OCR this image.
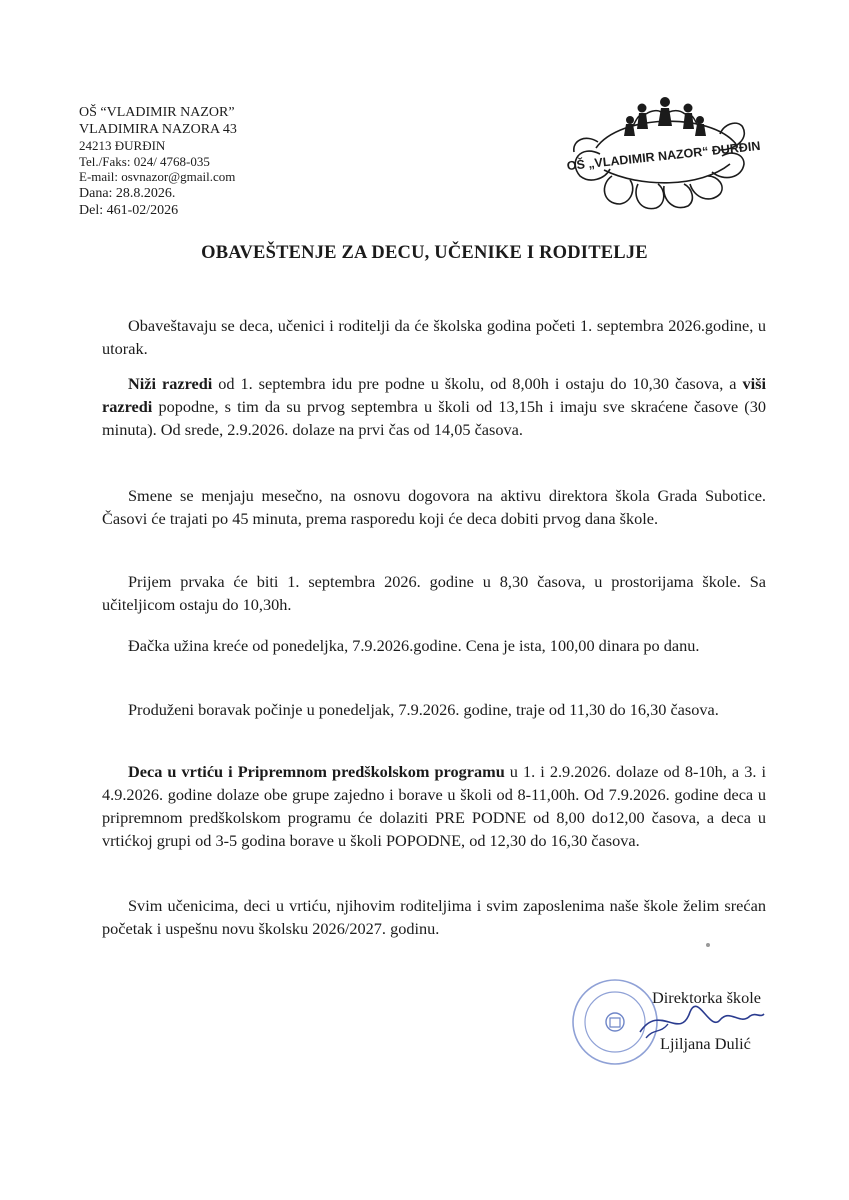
OŠ “VLADIMIR NAZOR”
VLADIMIRA NAZORA 43
24213 ĐURĐIN
Tel./Faks: 024/ 4768-035
E-mail: osvnazor@gmail.com
Dana: 28.8.2026.
Del: 461-02/2026
OŠ „VLADIMIR NAZOR“ ĐURĐIN
OBAVEŠTENJE ZA DECU, UČENIKE I RODITELJE

Obaveštavaju se deca, učenici i roditelji da će školska godina početi 1. septembra 2026.godine, u utorak.

Niži razredi od 1. septembra idu pre podne u školu, od 8,00h i ostaju do 10,30 časova, a viši razredi popodne, s tim da su prvog septembra u školi od 13,15h i imaju sve skraćene časove (30 minuta). Od srede, 2.9.2026. dolaze na prvi čas od 14,05 časova.

Smene se menjaju mesečno, na osnovu dogovora na aktivu direktora škola Grada Subotice. Časovi će trajati po 45 minuta, prema rasporedu koji će deca dobiti prvog dana škole.

Prijem prvaka će biti 1. septembra 2026. godine u 8,30 časova, u prostorijama škole. Sa učiteljicom ostaju do 10,30h.

Đačka užina kreće od ponedeljka, 7.9.2026.godine. Cena je ista, 100,00 dinara po danu.

Produženi boravak počinje u ponedeljak, 7.9.2026. godine, traje od 11,30 do 16,30 časova.

Deca u vrtiću i Pripremnom predškolskom programu u 1. i 2.9.2026. dolaze od 8-10h, a 3. i 4.9.2026. godine dolaze obe grupe zajedno i borave u školi od 8-11,00h. Od 7.9.2026. godine deca u pripremnom predškolskom programu će dolaziti PRE PODNE od 8,00 do12,00 časova, a deca u vrtićkoj grupi od 3-5 godina borave u školi POPODNE, od 12,30 do 16,30 časova.

Svim učenicima, deci u vrtiću, njihovim roditeljima i svim zaposlenima naše škole želim srećan početak i uspešnu novu školsku 2026/2027. godinu.

Direktorka škole
Ljiljana Dulić
